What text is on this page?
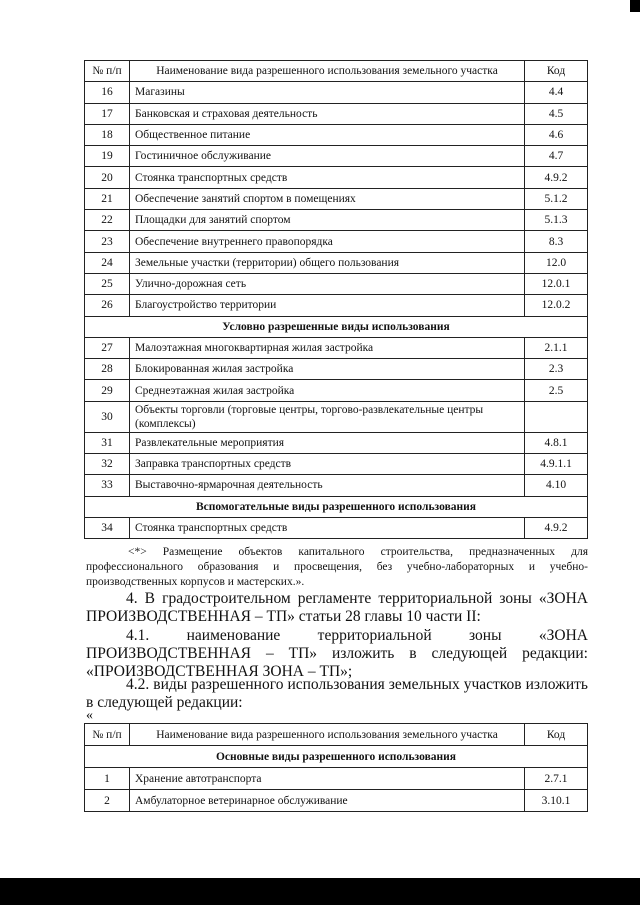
№ п/п	Наименование вида разрешенного использования земельного участка	Код
16	Магазины	4.4
17	Банковская и страховая деятельность	4.5
18	Общественное питание	4.6
19	Гостиничное обслуживание	4.7
20	Стоянка транспортных средств	4.9.2
21	Обеспечение занятий спортом в помещениях	5.1.2
22	Площадки для занятий спортом	5.1.3
23	Обеспечение внутреннего правопорядка	8.3
24	Земельные участки (территории) общего пользования	12.0
25	Улично-дорожная сеть	12.0.1
26	Благоустройство территории	12.0.2
Условно разрешенные виды использования		
27	Малоэтажная многоквартирная жилая застройка	2.1.1
28	Блокированная жилая застройка	2.3
29	Среднеэтажная жилая застройка	2.5
30	Объекты торговли (торговые центры, торгово-развлекательные центры (комплексы)	
31	Развлекательные мероприятия	4.8.1
32	Заправка транспортных средств	4.9.1.1
33	Выставочно-ярмарочная деятельность	4.10
Вспомогательные виды разрешенного использования		
34	Стоянка транспортных средств	4.9.2
<*> Размещение объектов капитального строительства, предназначенных для профессионального образования и просвещения, без учебно-лабораторных и учебно-производственных корпусов и мастерских.».
4. В градостроительном регламенте территориальной зоны «ЗОНА ПРОИЗВОДСТВЕННАЯ – ТП» статьи 28 главы 10 части II:
4.1. наименование территориальной зоны «ЗОНА ПРОИЗВОДСТВЕННАЯ – ТП» изложить в следующей редакции: «ПРОИЗВОДСТВЕННАЯ ЗОНА – ТП»;
4.2. виды разрешенного использования земельных участков изложить в следующей редакции:
«
№ п/п	Наименование вида разрешенного использования земельного участка	Код
Основные виды разрешенного использования		
1	Хранение автотранспорта	2.7.1
2	Амбулаторное ветеринарное обслуживание	3.10.1
